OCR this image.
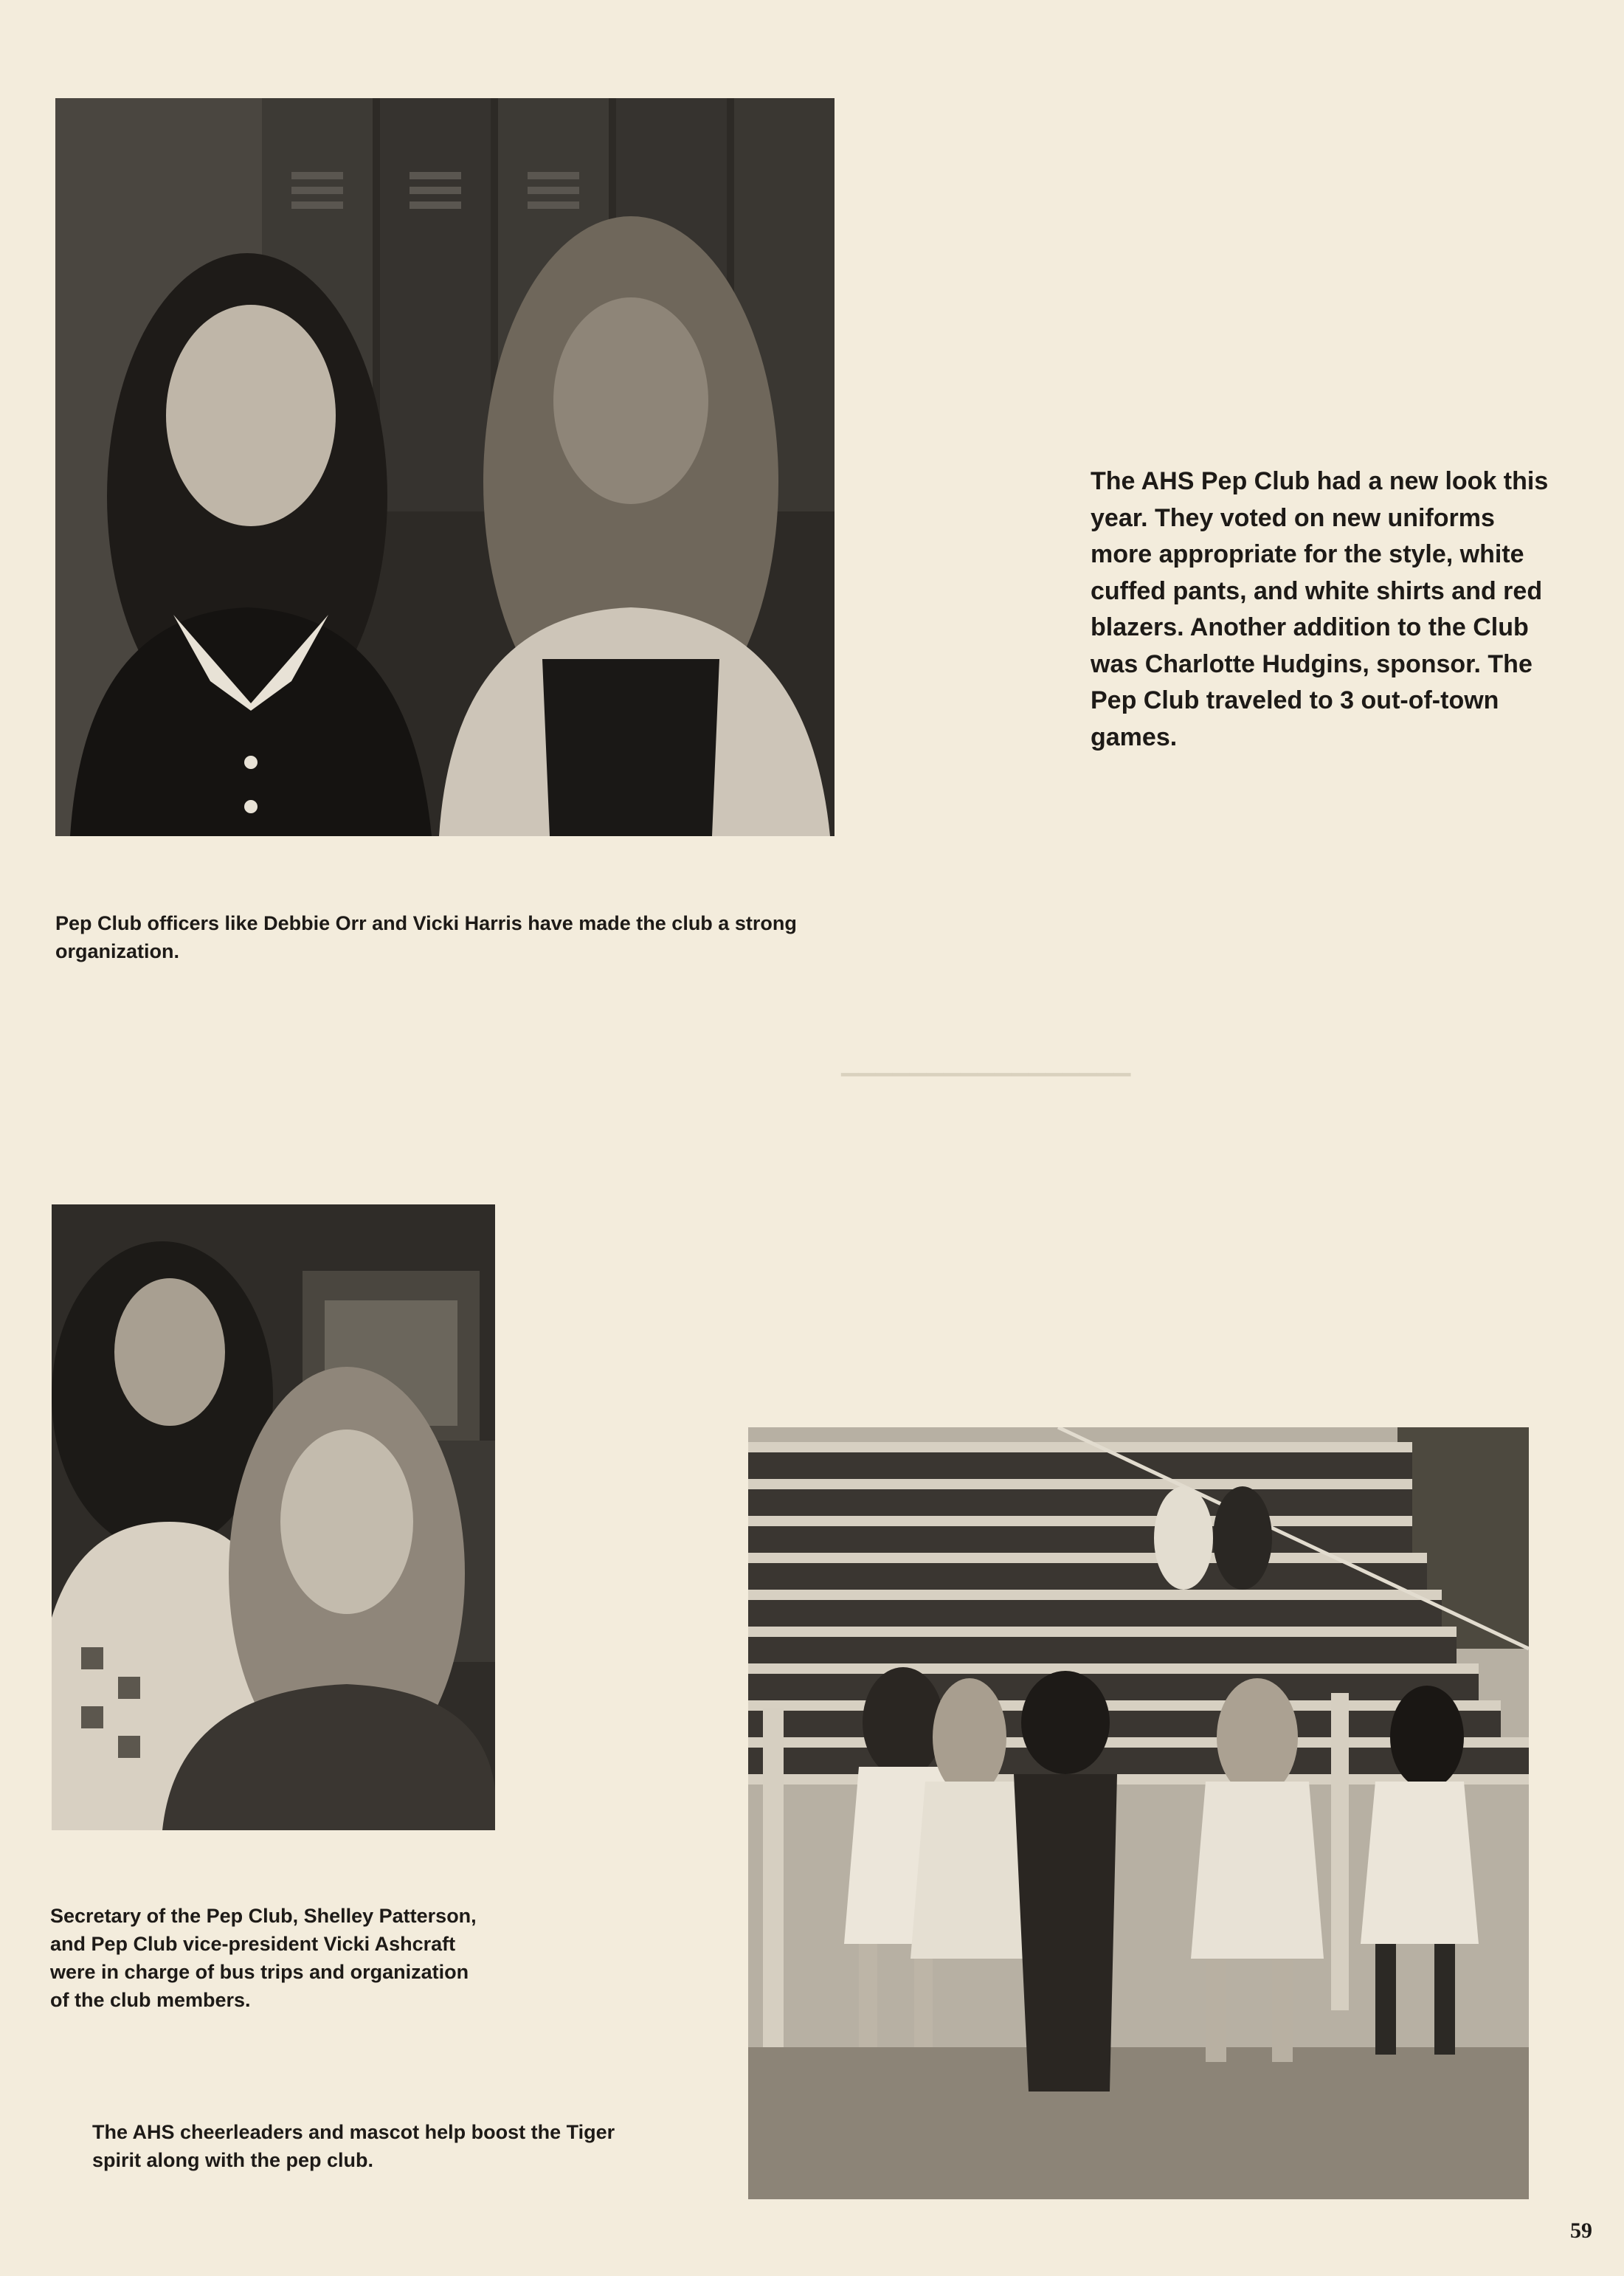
▁▁▁▁▁▁▁▁▁▁▁▁▁▁▁▁▁

Pep Club officers like Debbie Orr and Vicki Harris have made the club a strong organization.

The AHS Pep Club had a new look this year. They voted on new uniforms more appropriate for the style, white cuffed pants, and white shirts and red blazers. Another addition to the Club was Charlotte Hudgins, sponsor. The Pep Club traveled to 3 out-of-town games.

Secretary of the Pep Club, Shelley Patterson, and Pep Club vice-president Vicki Ashcraft were in charge of bus trips and organization of the club members.

The AHS cheerleaders and mascot help boost the Tiger spirit along with the pep club.

59
